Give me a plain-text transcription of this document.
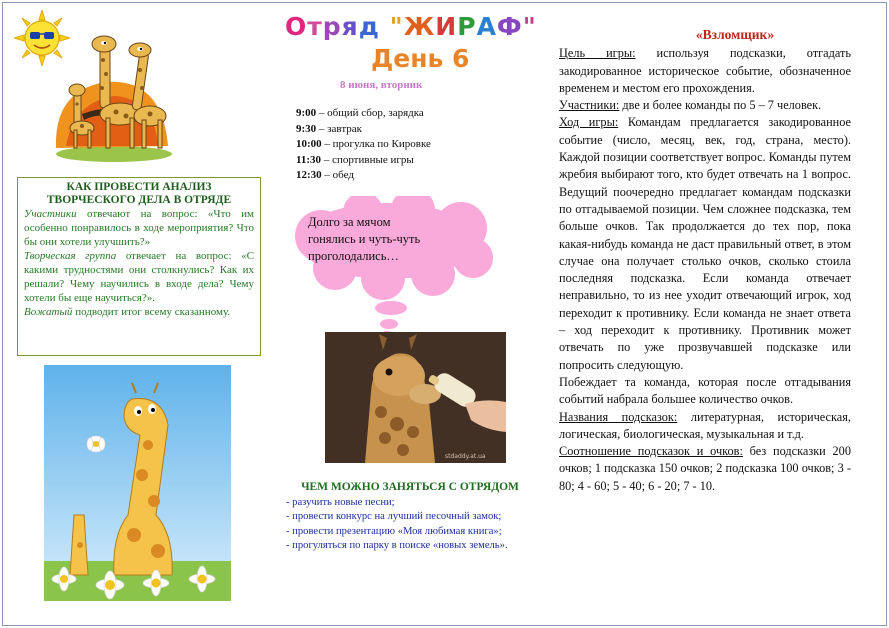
Отряд "ЖИРАФ"
День 6
8 июня, вторник
9:00 – общий сбор, зарядка
9:30 – завтрак
10:00 – прогулка по Кировке
11:30 – спортивные игры
12:30 – обед
Долго за мячом
гонялись и чуть-чуть
проголодались…
stdaddy.at.ua
ЧЕМ МОЖНО ЗАНЯТЬСЯ С ОТРЯДОМ
- разучить новые песни;
- провести конкурс на лучший песочный замок;
- провести презентацию «Моя любимая книга»;
- прогуляться по парку в поиске «новых земель».
КАК ПРОВЕСТИ АНАЛИЗ
ТВОРЧЕСКОГО ДЕЛА В ОТРЯДЕ

Участники отвечают на вопрос: «Что им особенно понравилось в ходе мероприятия? Что бы они хотели улучшить?»

Творческая группа отвечает на вопрос: «С какими трудностями они столкнулись? Как их решали? Чему научились в входе дела? Чему хотели бы еще научиться?».

Вожатый подводит итог всему сказанному.

«Взломщик»
Цель игры: используя подсказки, отгадать закодированное историческое событие, обозначенное временем и местом его прохождения.
Участники: две и более команды по 5 – 7 человек.
Ход игры: Командам предлагается закодированное событие (число, месяц, век, год, страна, место). Каждой позиции соответствует вопрос. Команды путем жребия выбирают того, кто будет отвечать на 1 вопрос. Ведущий поочередно предлагает командам подсказки по отгадываемой позиции. Чем сложнее подсказка, тем больше очков. Так продолжается до тех пор, пока какая-нибудь команда не даст правильный ответ, в этом случае она получает столько очков, сколько стоила последняя подсказка. Если команда отвечает неправильно, то из нее уходит отвечающий игрок, ход переходит к противнику. Если команда не знает ответа – ход переходит к противнику. Противник может отвечать по уже прозвучавшей подсказке или попросить следующую.
Побеждает та команда, которая после отгадывания событий набрала большее количество очков.
Названия подсказок: литературная, историческая, логическая, биологическая, музыкальная и т.д.
Соотношение подсказок и очков: без подсказки 200 очков; 1 подсказка 150 очков; 2 подсказка 100 очков; 3 - 80; 4 - 60; 5 - 40; 6 - 20; 7 - 10.
